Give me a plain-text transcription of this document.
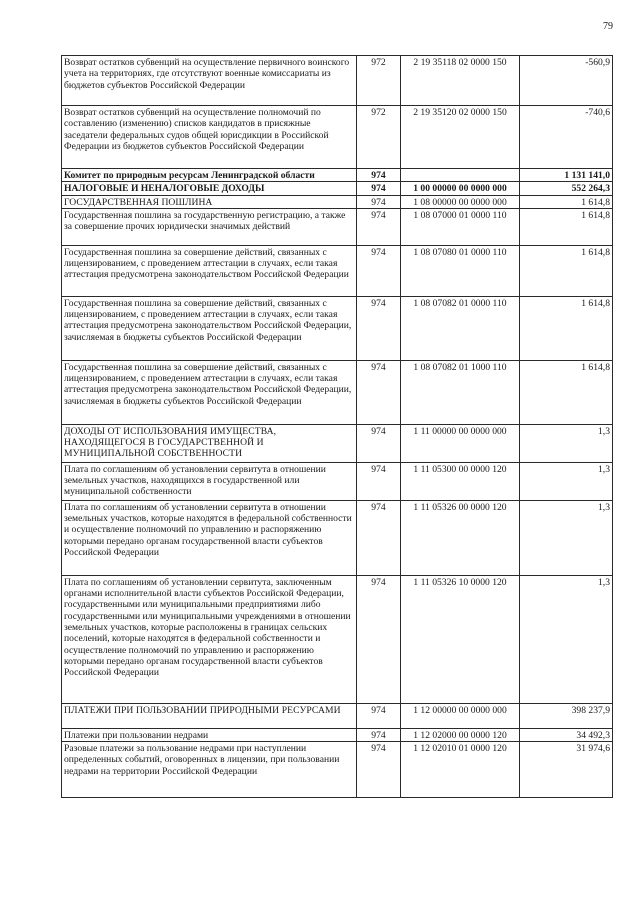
79
Возврат остатков субвенций на осуществление первичного воинского учета на территориях, где отсутствуют военные комиссариаты из бюджетов субъектов Российской Федерации	972	2 19 35118 02 0000 150	-560,9
Возврат остатков субвенций на осуществление полномочий по составлению (изменению) списков кандидатов в присяжные заседатели федеральных судов общей юрисдикции в Российской Федерации из бюджетов субъектов Российской Федерации	972	2 19 35120 02 0000 150	-740,6
Комитет по природным ресурсам Ленинградской области	974		1 131 141,0
НАЛОГОВЫЕ И НЕНАЛОГОВЫЕ ДОХОДЫ	974	1 00 00000 00 0000 000	552 264,3
ГОСУДАРСТВЕННАЯ ПОШЛИНА	974	1 08 00000 00 0000 000	1 614,8
Государственная пошлина за государственную регистрацию, а также за совершение прочих юридически значимых действий	974	1 08 07000 01 0000 110	1 614,8
Государственная пошлина за совершение действий, связанных с лицензированием, с проведением аттестации в случаях, если такая аттестация предусмотрена законодательством Российской Федерации	974	1 08 07080 01 0000 110	1 614,8
Государственная пошлина за совершение действий, связанных с лицензированием, с проведением аттестации в случаях, если такая аттестация предусмотрена законодательством Российской Федерации, зачисляемая в бюджеты субъектов Российской Федерации	974	1 08 07082 01 0000 110	1 614,8
Государственная пошлина за совершение действий, связанных с лицензированием, с проведением аттестации в случаях, если такая аттестация предусмотрена законодательством Российской Федерации, зачисляемая в бюджеты субъектов Российской Федерации	974	1 08 07082 01 1000 110	1 614,8
ДОХОДЫ ОТ ИСПОЛЬЗОВАНИЯ ИМУЩЕСТВА, НАХОДЯЩЕГОСЯ В ГОСУДАРСТВЕННОЙ И МУНИЦИПАЛЬНОЙ СОБСТВЕННОСТИ	974	1 11 00000 00 0000 000	1,3
Плата по соглашениям об установлении сервитута в отношении земельных участков, находящихся в государственной или муниципальной собственности	974	1 11 05300 00 0000 120	1,3
Плата по соглашениям об установлении сервитута в отношении земельных участков, которые находятся в федеральной собственности и осуществление полномочий по управлению и распоряжению которыми передано органам государственной власти субъектов Российской Федерации	974	1 11 05326 00 0000 120	1,3
Плата по соглашениям об установлении сервитута, заключенным органами исполнительной власти субъектов Российской Федерации, государственными или муниципальными предприятиями либо государственными или муниципальными учреждениями в отношении земельных участков, которые расположены в границах сельских поселений, которые находятся в федеральной собственности и осуществление полномочий по управлению и распоряжению которыми передано органам государственной власти субъектов Российской Федерации	974	1 11 05326 10 0000 120	1,3
ПЛАТЕЖИ ПРИ ПОЛЬЗОВАНИИ ПРИРОДНЫМИ РЕСУРСАМИ	974	1 12 00000 00 0000 000	398 237,9
Платежи при пользовании недрами	974	1 12 02000 00 0000 120	34 492,3
Разовые платежи за пользование недрами при наступлении определенных событий, оговоренных в лицензии, при пользовании недрами на территории Российской Федерации	974	1 12 02010 01 0000 120	31 974,6
